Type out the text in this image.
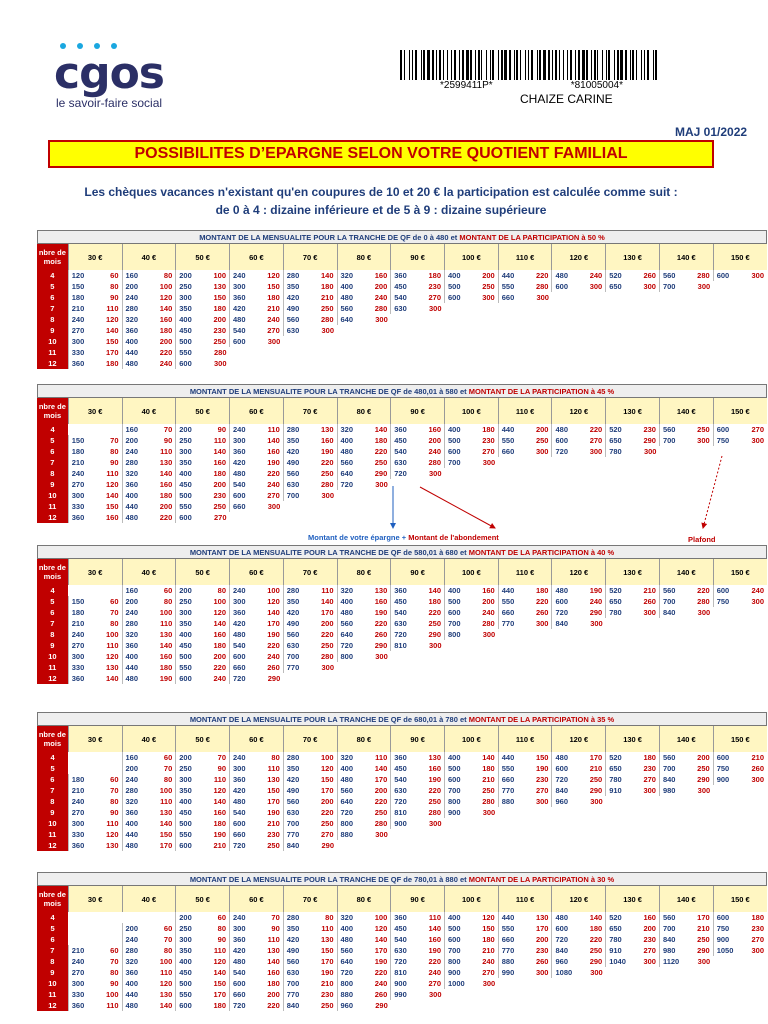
cgos
le savoir-faire social
*2599411P*	*81005004*
CHAIZE CARINE
MAJ 01/2022
POSSIBILITES D’EPARGNE SELON VOTRE QUOTIENT FAMILIAL
Les chèques vacances n'existant qu'en coupures de 10 et 20 € la participation est calculée comme suit :
de 0 à 4 : dizaine inférieure et de 5 à 9 : dizaine supérieure
MONTANT DE LA MENSUALITE POUR LA TRANCHE DE QF de 0 à 480 et MONTANT DE LA PARTICIPATION à 50 %
nbre de mois	30 €		40 €		50 €		60 €		70 €		80 €		90 €		100 €		110 €		120 €		130 €		140 €		150 €	
4	120	60	160	80	200	100	240	120	280	140	320	160	360	180	400	200	440	220	480	240	520	260	560	280	600	300
5	150	80	200	100	250	130	300	150	350	180	400	200	450	230	500	250	550	280	600	300	650	300	700	300		
6	180	90	240	120	300	150	360	180	420	210	480	240	540	270	600	300	660	300								
7	210	110	280	140	350	180	420	210	490	250	560	280	630	300												
8	240	120	320	160	400	200	480	240	560	280	640	300														
9	270	140	360	180	450	230	540	270	630	300																
10	300	150	400	200	500	250	600	300																		
11	330	170	440	220	550	280																				
12	360	180	480	240	600	300																				
MONTANT DE LA MENSUALITE POUR LA TRANCHE DE QF de 480,01 à 580 et MONTANT DE LA PARTICIPATION à 45 %
nbre de mois	30 €		40 €		50 €		60 €		70 €		80 €		90 €		100 €		110 €		120 €		130 €		140 €		150 €	
4			160	70	200	90	240	110	280	130	320	140	360	160	400	180	440	200	480	220	520	230	560	250	600	270
5	150	70	200	90	250	110	300	140	350	160	400	180	450	200	500	230	550	250	600	270	650	290	700	300	750	300
6	180	80	240	110	300	140	360	160	420	190	480	220	540	240	600	270	660	300	720	300	780	300				
7	210	90	280	130	350	160	420	190	490	220	560	250	630	280	700	300										
8	240	110	320	140	400	180	480	220	560	250	640	290	720	300												
9	270	120	360	160	450	200	540	240	630	280	720	300														
10	300	140	400	180	500	230	600	270	700	300																
11	330	150	440	200	550	250	660	300																		
12	360	160	480	220	600	270																				
MONTANT DE LA MENSUALITE POUR LA TRANCHE DE QF de 580,01 à 680 et MONTANT DE LA PARTICIPATION à 40 %
nbre de mois	30 €		40 €		50 €		60 €		70 €		80 €		90 €		100 €		110 €		120 €		130 €		140 €		150 €	
4			160	60	200	80	240	100	280	110	320	130	360	140	400	160	440	180	480	190	520	210	560	220	600	240
5	150	60	200	80	250	100	300	120	350	140	400	160	450	180	500	200	550	220	600	240	650	260	700	280	750	300
6	180	70	240	100	300	120	360	140	420	170	480	190	540	220	600	240	660	260	720	290	780	300	840	300		
7	210	80	280	110	350	140	420	170	490	200	560	220	630	250	700	280	770	300	840	300						
8	240	100	320	130	400	160	480	190	560	220	640	260	720	290	800	300										
9	270	110	360	140	450	180	540	220	630	250	720	290	810	300												
10	300	120	400	160	500	200	600	240	700	280	800	300														
11	330	130	440	180	550	220	660	260	770	300																
12	360	140	480	190	600	240	720	290																		
MONTANT DE LA MENSUALITE POUR LA TRANCHE DE QF de 680,01 à 780 et MONTANT DE LA PARTICIPATION à 35 %
nbre de mois	30 €		40 €		50 €		60 €		70 €		80 €		90 €		100 €		110 €		120 €		130 €		140 €		150 €	
4			160	60	200	70	240	80	280	100	320	110	360	130	400	140	440	150	480	170	520	180	560	200	600	210
5			200	70	250	90	300	110	350	120	400	140	450	160	500	180	550	190	600	210	650	230	700	250	750	260
6	180	60	240	80	300	110	360	130	420	150	480	170	540	190	600	210	660	230	720	250	780	270	840	290	900	300
7	210	70	280	100	350	120	420	150	490	170	560	200	630	220	700	250	770	270	840	290	910	300	980	300		
8	240	80	320	110	400	140	480	170	560	200	640	220	720	250	800	280	880	300	960	300						
9	270	90	360	130	450	160	540	190	630	220	720	250	810	280	900	300										
10	300	110	400	140	500	180	600	210	700	250	800	280	900	300												
11	330	120	440	150	550	190	660	230	770	270	880	300														
12	360	130	480	170	600	210	720	250	840	290																
MONTANT DE LA MENSUALITE POUR LA TRANCHE DE QF de 780,01 à 880 et MONTANT DE LA PARTICIPATION à 30 %
nbre de mois	30 €		40 €		50 €		60 €		70 €		80 €		90 €		100 €		110 €		120 €		130 €		140 €		150 €	
4					200	60	240	70	280	80	320	100	360	110	400	120	440	130	480	140	520	160	560	170	600	180
5			200	60	250	80	300	90	350	110	400	120	450	140	500	150	550	170	600	180	650	200	700	210	750	230
6			240	70	300	90	360	110	420	130	480	140	540	160	600	180	660	200	720	220	780	230	840	250	900	270
7	210	60	280	80	350	110	420	130	490	150	560	170	630	190	700	210	770	230	840	250	910	270	980	290	1050	300
8	240	70	320	100	400	120	480	140	560	170	640	190	720	220	800	240	880	260	960	290	1040	300	1120	300		
9	270	80	360	110	450	140	540	160	630	190	720	220	810	240	900	270	990	300	1080	300						
10	300	90	400	120	500	150	600	180	700	210	800	240	900	270	1000	300										
11	330	100	440	130	550	170	660	200	770	230	880	260	990	300												
12	360	110	480	140	600	180	720	220	840	250	960	290														
Montant de votre épargne + Montant de l'abondement	Plafond
